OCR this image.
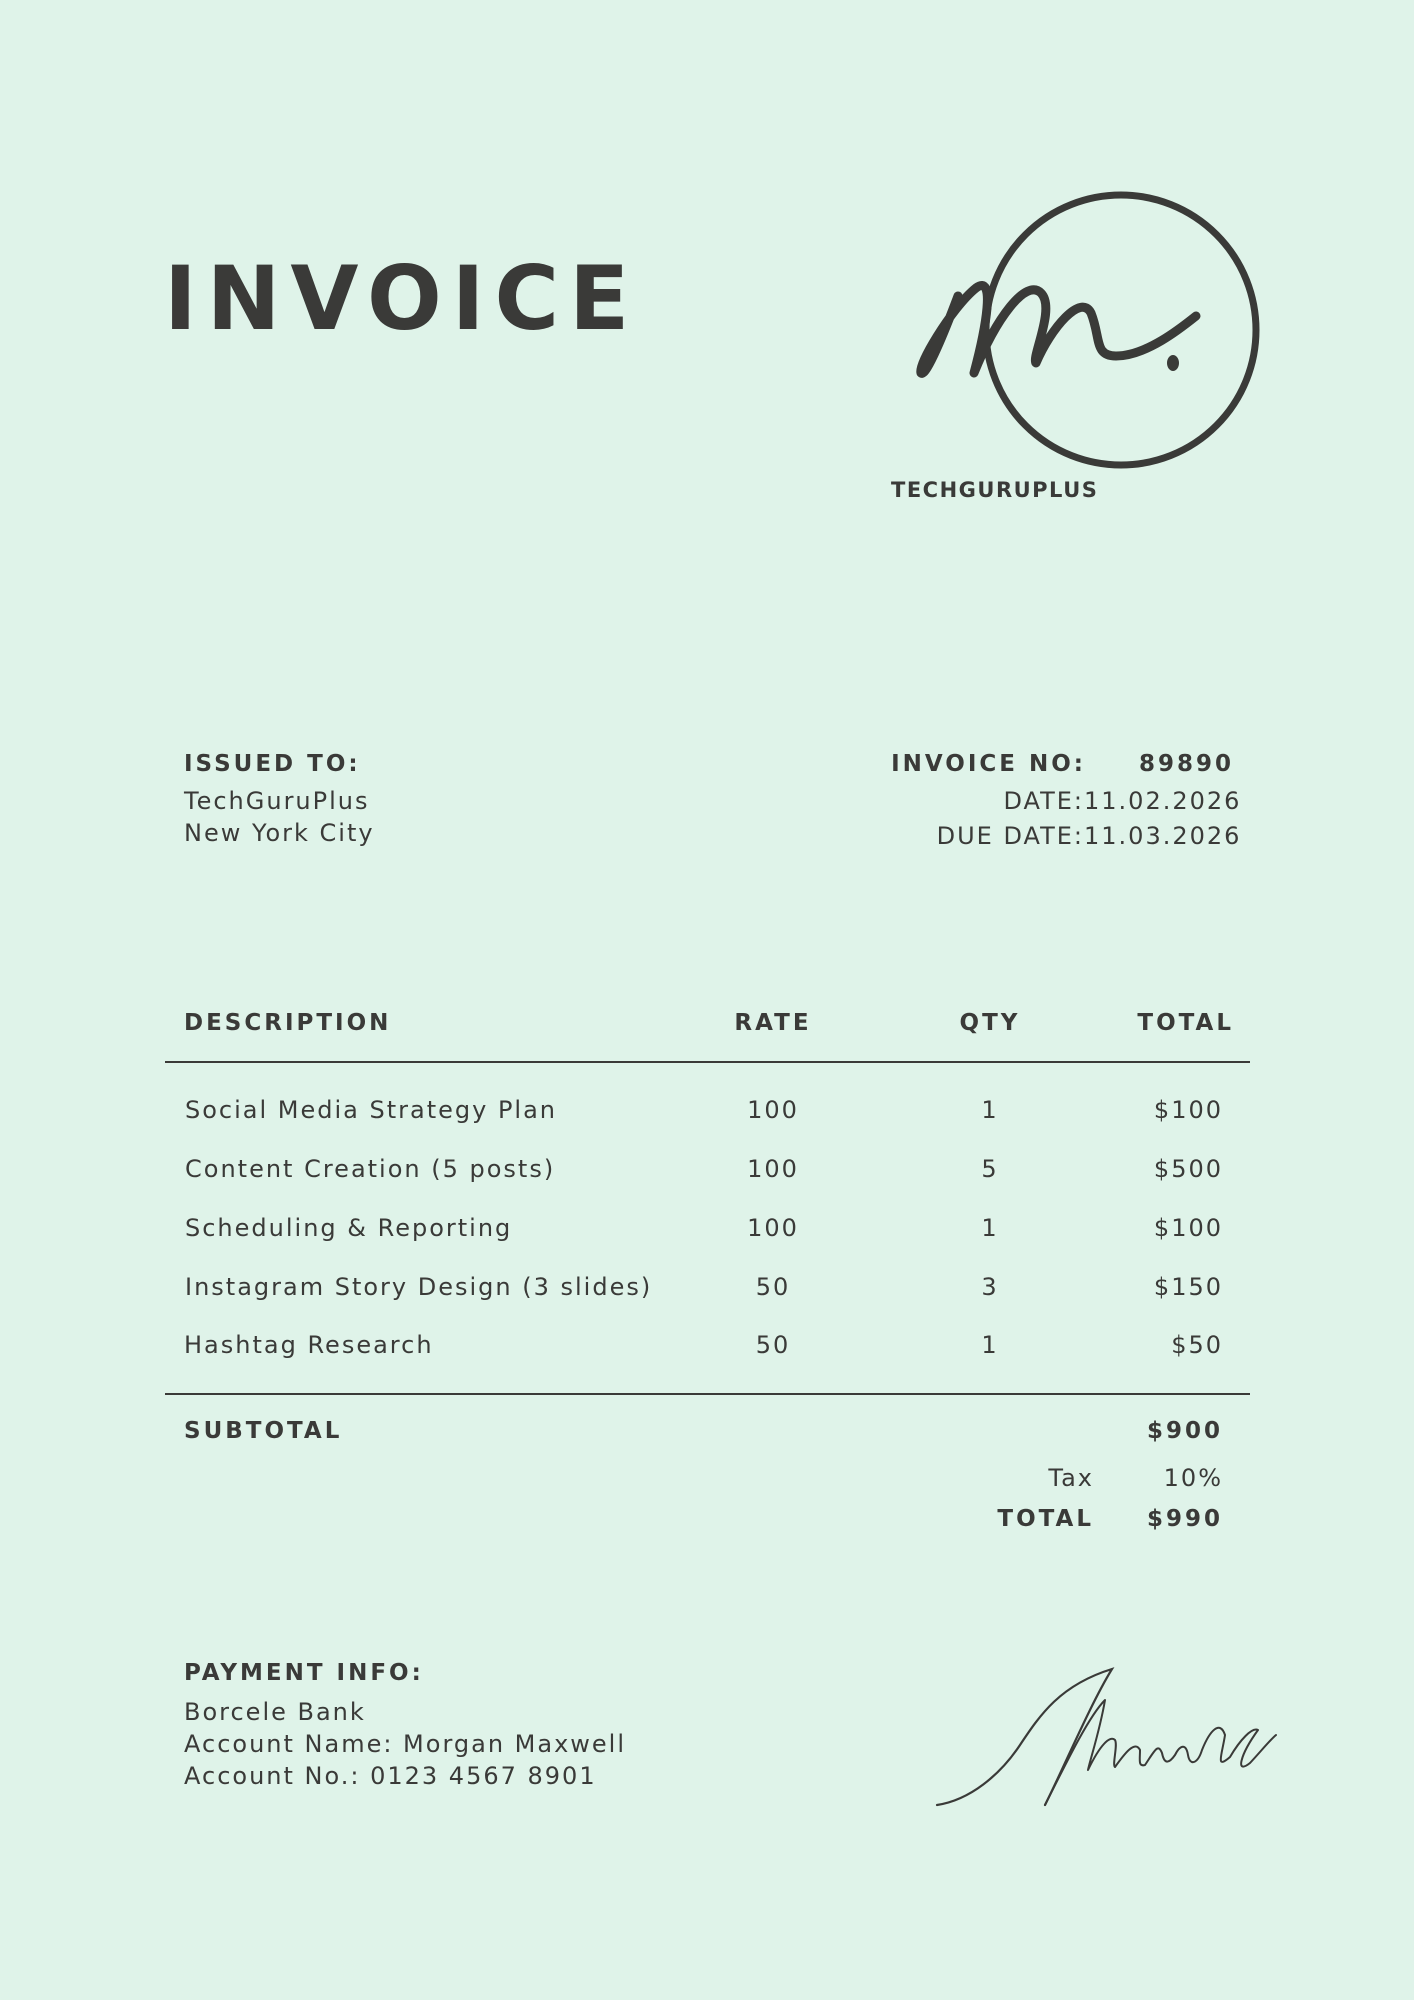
INVOICE
TECHGURUPLUS
ISSUED TO:
TechGuruPlus
New York City
INVOICE NO:	89890
DATE: 11.02.2026
DUE DATE: 11.03.2026
DESCRIPTION	RATE	QTY	TOTAL
Social Media Strategy Plan	100	1	$100
Content Creation (5 posts)	100	5	$500
Scheduling & Reporting	100	1	$100
Instagram Story Design (3 slides)	50	3	$150
Hashtag Research	50	1	$50
SUBTOTAL	$900
Tax	10%
TOTAL $990
PAYMENT INFO:
Borcele Bank
Account Name: Morgan Maxwell
Account No.: 0123 4567 8901
